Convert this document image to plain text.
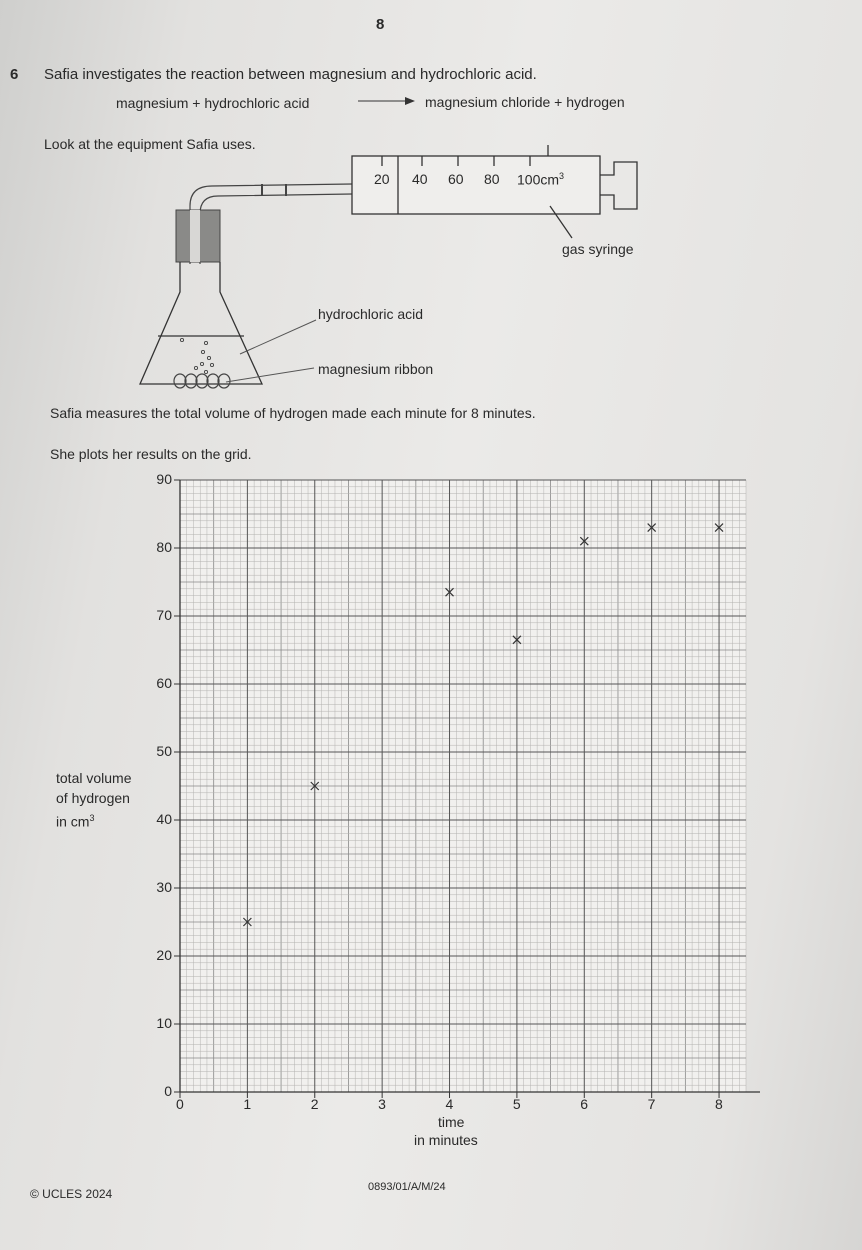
8
6 Safia investigates the reaction between magnesium and hydrochloric acid.
magnesium + hydrochloric acid	magnesium chloride + hydrogen
Look at the equipment Safia uses.
20 40 60 80 $100cm^3$
gas syringe
hydrochloric acid
magnesium ribbon
Safia measures the total volume of hydrogen made each minute for 8 minutes.
She plots her results on the grid.
0	1	2	3	4	5	6	7	8
0
10
20
30
40
50
60
70
80
90
total volume
of hydrogen
in $cm^3$
time
in minutes
© UCLES 2024	0893/01/A/M/24
